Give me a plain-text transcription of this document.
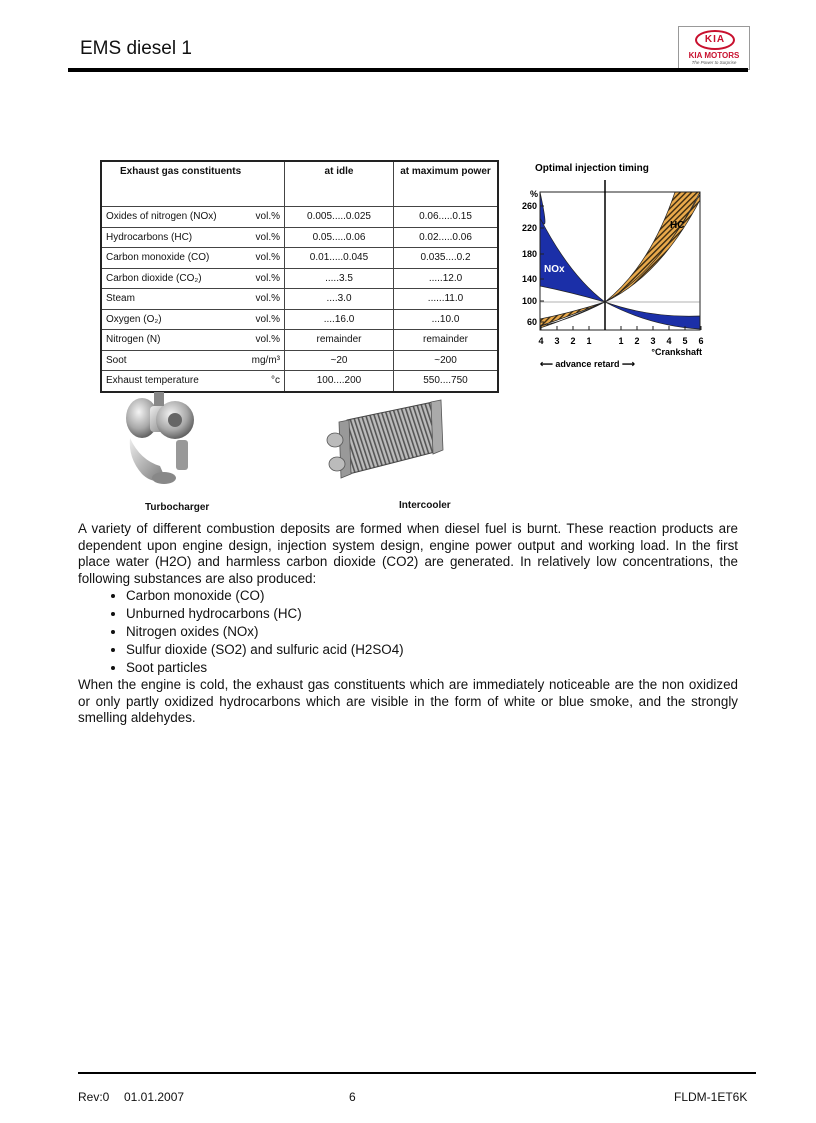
EMS diesel 1	KIA
KIA MOTORS
The Power to Surprise
Exhaust gas constituents	at idle	at maximum power

Oxides of nitrogen (NOx) vol.%	0.005.....0.025	0.06.....0.15

Hydrocarbons (HC) vol.%	0.05.....0.06	0.02.....0.06

Carbon monoxide (CO) vol.%	0.01.....0.045	0.035....0.2

Carbon dioxide (CO₂) vol.%	.....3.5	.....12.0

Steam vol.%	....3.0	......11.0

Oxygen (O₂) vol.%	....16.0	...10.0

Nitrogen (N) vol.%	remainder	remainder

Soot mg/m³	~20	~200

Exhaust temperature °c	100....200	550....750
Optimal injection timing
%
NOx
HC
260
220
180
140
100
60
4 3 2 1	1 2 3 4 5 6
°Crankshaft
⟵ advance retard ⟶
Turbocharger	Intercooler

A variety of different combustion deposits are formed when diesel fuel is burnt. These reaction products are dependent upon engine design, injection system design, engine power output and working load. In the first place water (H2O) and harmless carbon dioxide (CO2) are generated. In relatively low concentrations, the following substances are also produced:

• Carbon monoxide (CO)
• Unburned hydrocarbons (HC)
• Nitrogen oxides (NOx)
• Sulfur dioxide (SO2) and sulfuric acid (H2SO4)
• Soot particles

When the engine is cold, the exhaust gas constituents which are immediately noticeable are the non oxidized or only partly oxidized hydrocarbons which are visible in the form of white or blue smoke, and the strongly smelling aldehydes.

Rev:0 01.01.2007	6	FLDM-1ET6K
